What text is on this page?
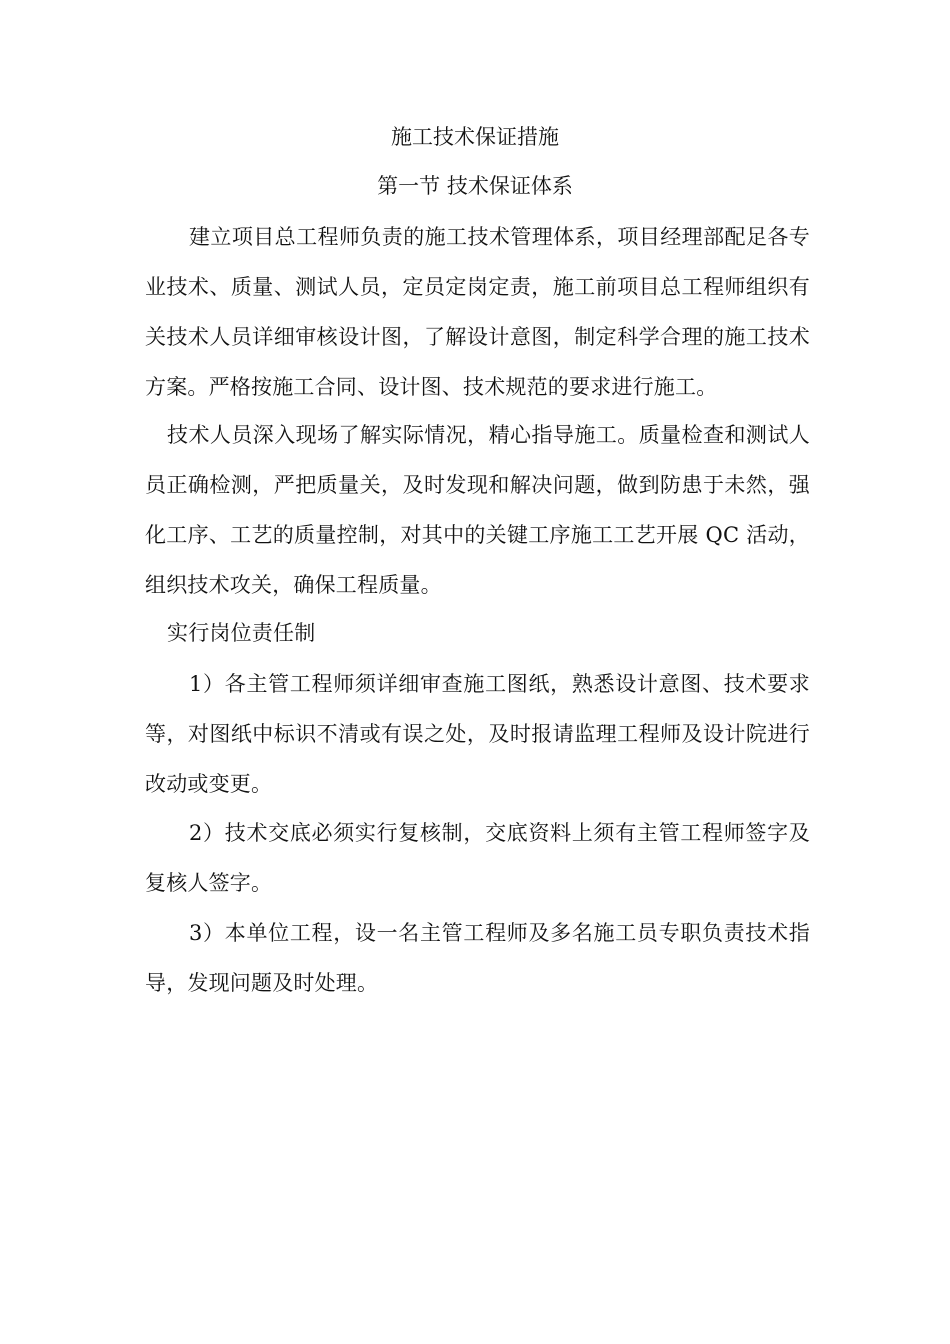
施工技术保证措施
第一节 技术保证体系

建立项目总工程师负责的施工技术管理体系，项目经理部配足各专业技术、质量、测试人员，定员定岗定责，施工前项目总工程师组织有关技术人员详细审核设计图，了解设计意图，制定科学合理的施工技术方案。严格按施工合同、设计图、技术规范的要求进行施工。

技术人员深入现场了解实际情况，精心指导施工。质量检查和测试人员正确检测，严把质量关，及时发现和解决问题，做到防患于未然，强化工序、工艺的质量控制，对其中的关键工序施工工艺开展 QC 活动，组织技术攻关，确保工程质量。

实行岗位责任制

1）各主管工程师须详细审查施工图纸，熟悉设计意图、技术要求等，对图纸中标识不清或有误之处，及时报请监理工程师及设计院进行改动或变更。

2）技术交底必须实行复核制，交底资料上须有主管工程师签字及复核人签字。

3）本单位工程，设一名主管工程师及多名施工员专职负责技术指导，发现问题及时处理。
